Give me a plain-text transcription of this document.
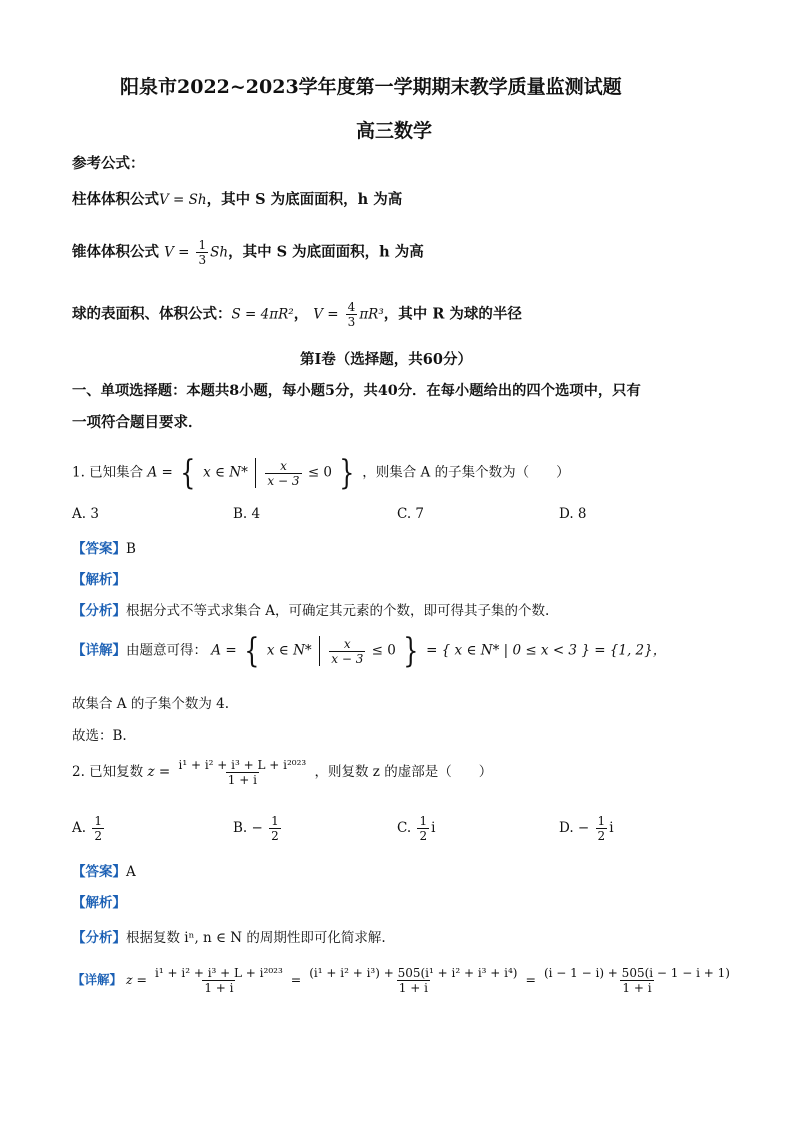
阳泉市2022~2023学年度第一学期期末教学质量监测试题
高三数学
参考公式：
柱体体积公式V = Sh，其中 S 为底面面积，h 为高
锥体体积公式 $V = \frac{1}{3}$ Sh，其中 S 为底面面积，h 为高
球的表面积、体积公式：S = 4πR²， $V = \frac{4}{3} \pi R^3$，其中 R 为球的半径
第Ⅰ卷（选择题，共60分）
一、单项选择题：本题共8小题，每小题5分，共40分．在每小题给出的四个选项中，只有
一项符合题目要求．
1. 已知集合 A = { x ∈ $N* \frac{x}{x - 3} \le 0$ } ，则集合 A 的子集个数为（　　）
A. 3	B. 4	C. 7	D. 8
【答案】B
【解析】
【分析】根据分式不等式求集合 A，可确定其元素的个数，即可得其子集的个数.
【详解】由题意可得： A = { x ∈ $N* \frac{x}{x - 3} \le 0$ } = { x ∈ N* | 0 ≤ x < 3 } = {1, 2}，
故集合 A 的子集个数为 4.
故选：B.
2. 已知复数 $z = \frac{\text{i¹ + i² + i³ + L + i²⁰²³}}{1 + i}$ ，则复数 z 的虚部是（　　）
A. $\frac{1}{2}$	B. − $\frac{1}{2}$	C. $\frac{1}{2}$ i	D. − $\frac{1}{2}$ i
【答案】A
【解析】
【分析】根据复数 iⁿ, n ∈ N 的周期性即可化简求解.
【详解】 $z = \frac{\text{i¹ + i² + i³ + L + i²⁰²³}}{1 + i} = \frac{\text{(i¹ + i² + i³) + 505(i¹ + i² + i³ + i⁴)}}{1 + i} = \frac{(i - 1 - i) + 505(i - 1 - i + 1)}{1 + i}$
